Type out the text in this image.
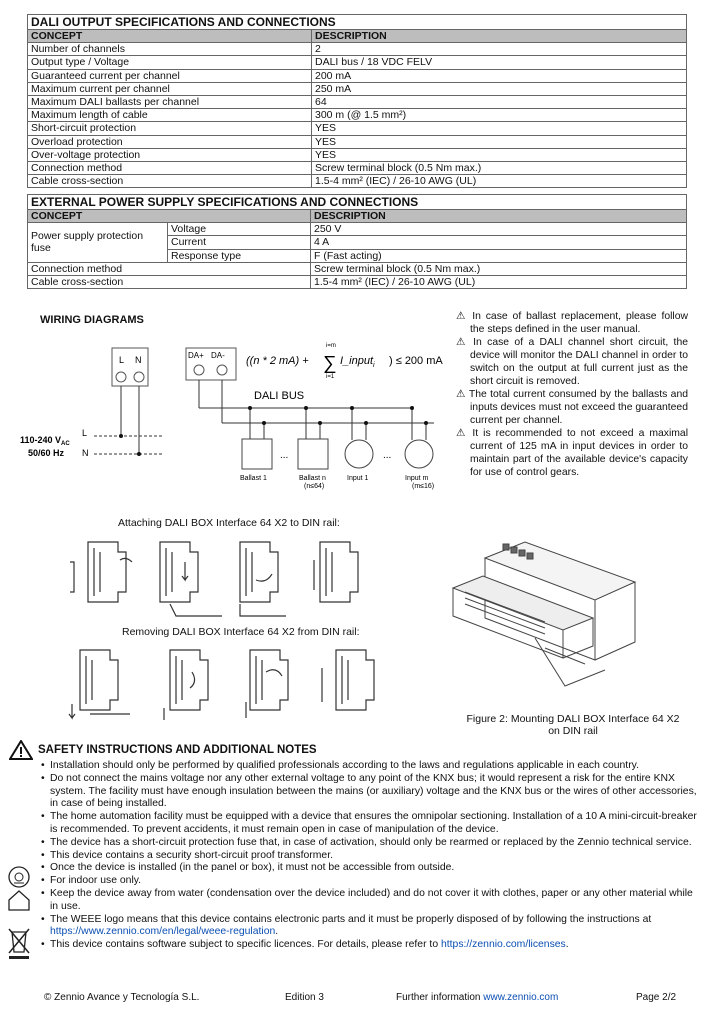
DALI OUTPUT SPECIFICATIONS AND CONNECTIONS	
CONCEPT	DESCRIPTION
Number of channels	2
Output type / Voltage	DALI bus / 18 VDC FELV
Guaranteed current per channel	200 mA
Maximum current per channel	250 mA
Maximum DALI ballasts per channel	64
Maximum length of cable	300 m (@ 1.5 mm²)
Short-circuit protection	YES
Overload protection	YES
Over-voltage protection	YES
Connection method	Screw terminal block (0.5 Nm max.)
Cable cross-section	1.5-4 mm² (IEC) / 26-10 AWG (UL)
EXTERNAL POWER SUPPLY SPECIFICATIONS AND CONNECTIONS		
CONCEPT		DESCRIPTION
Power supply protection fuse	Voltage	250 V
	Current	4 A
	Response type	F (Fast acting)
Connection method		Screw terminal block (0.5 Nm max.)
Cable cross-section		1.5-4 mm² (IEC) / 26-10 AWG (UL)
WIRING DIAGRAMS
L N
110-240 $V_{AC}$
50/60 Hz
L
N
DA+ DA-
DALI BUS
((n * 2 mA) +
i=m
∑
i=1
I_input$_i$ ) ≤ 200 mA
Ballast 1
...
Ballast n
(n≤64)
Input 1
...
Input m
(m≤16)

⚠ In case of ballast replacement, please follow the steps defined in the user manual.

⚠ In case of a DALI channel short circuit, the device will monitor the DALI channel in order to switch on the output at full current just as the short circuit is removed.

⚠ The total current consumed by the ballasts and inputs devices must not exceed the guaranteed current per channel.

⚠ It is recommended to not exceed a maximal current of 125 mA in input devices in order to maintain part of the available device's capacity for use of control gears.

Attaching DALI BOX Interface 64 X2 to DIN rail:
Removing DALI BOX Interface 64 X2 from DIN rail:
Figure 2: Mounting DALI BOX Interface 64 X2
on DIN rail
SAFETY INSTRUCTIONS AND ADDITIONAL NOTES
• Installation should only be performed by qualified professionals according to the laws and regulations applicable in each country.
• Do not connect the mains voltage nor any other external voltage to any point of the KNX bus; it would represent a risk for the entire KNX system. The facility must have enough insulation between the mains (or auxiliary) voltage and the KNX bus or the wires of other accessories, in case of being installed.
• The home automation facility must be equipped with a device that ensures the omnipolar sectioning. Installation of a 10 A mini-circuit-breaker is recommended. To prevent accidents, it must remain open in case of manipulation of the device.
• The device has a short-circuit protection fuse that, in case of activation, should only be rearmed or replaced by the Zennio technical service.
• This device contains a security short-circuit proof transformer.
• Once the device is installed (in the panel or box), it must not be accessible from outside.
• For indoor use only.
• Keep the device away from water (condensation over the device included) and do not cover it with clothes, paper or any other material while in use.
• The WEEE logo means that this device contains electronic parts and it must be properly disposed of by following the instructions at https://www.zennio.com/en/legal/weee-regulation.
• This device contains software subject to specific licences. For details, please refer to https://zennio.com/licenses.
© Zennio Avance y Tecnología S.L.	Edition 3	Further information www.zennio.com	Page 2/2
